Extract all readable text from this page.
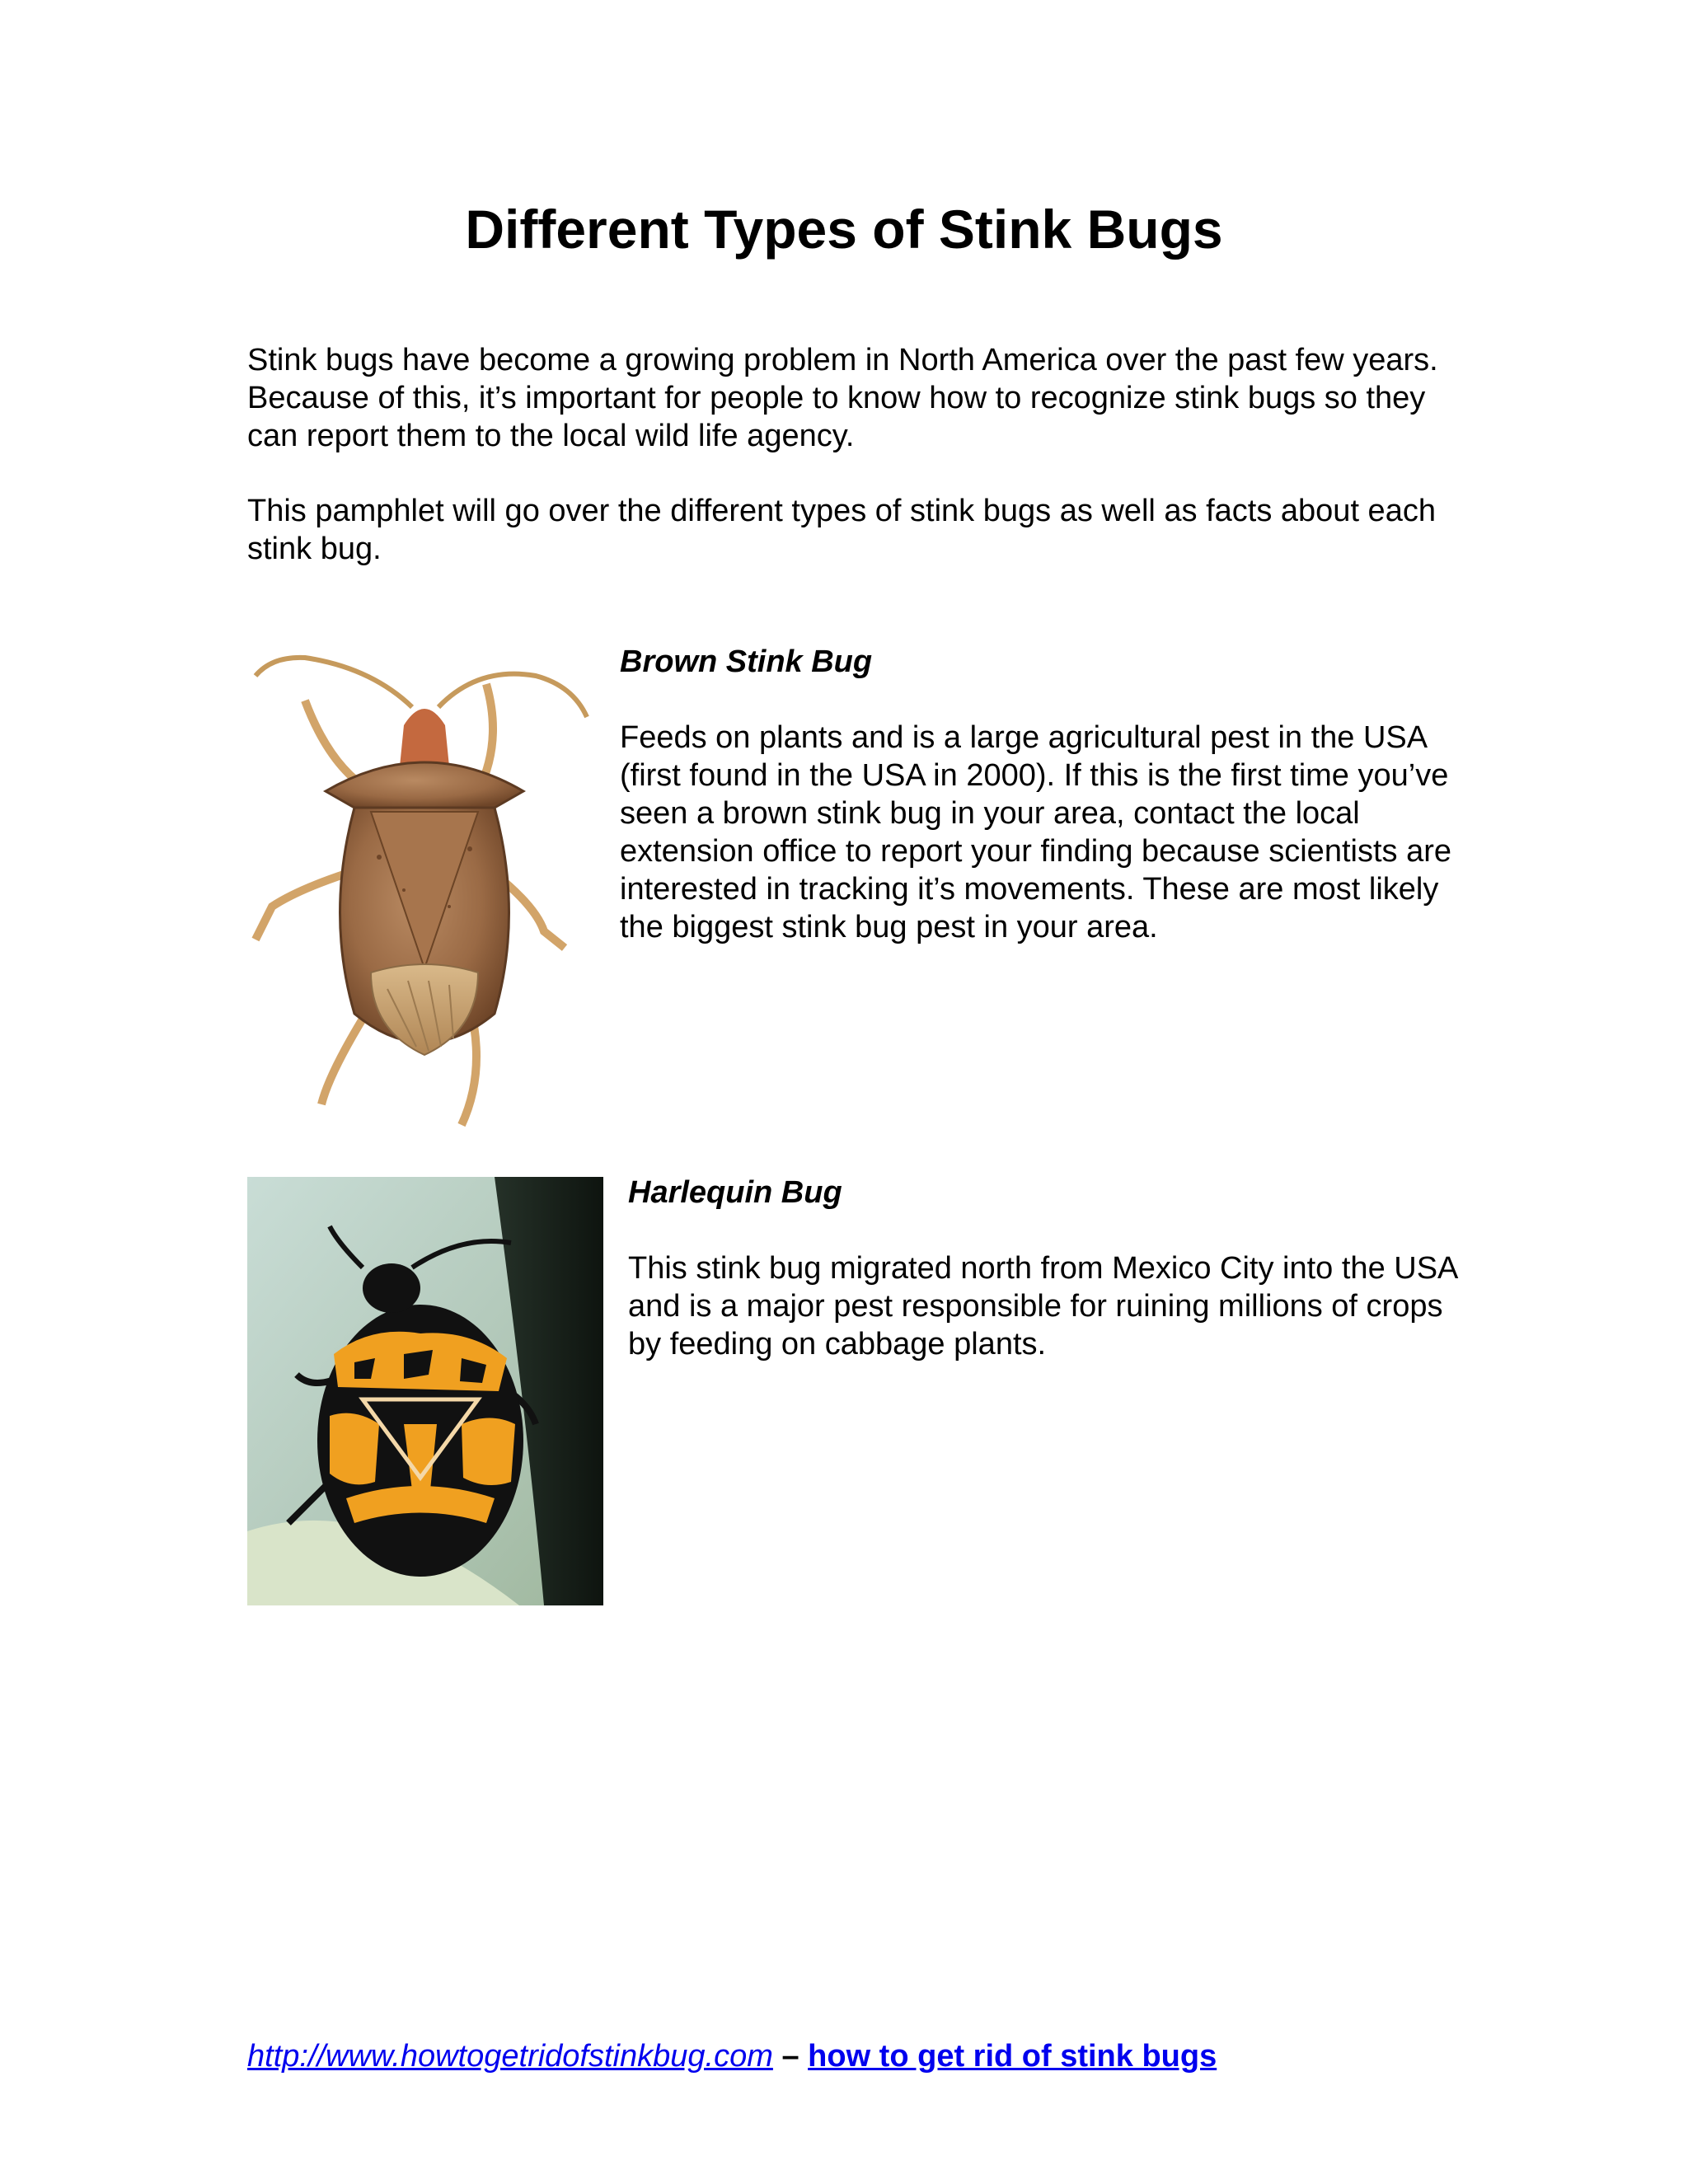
Different Types of Stink Bugs

Stink bugs have become a growing problem in North America over the past few years. Because of this, it’s important for people to know how to recognize stink bugs so they can report them to the local wild life agency.

This pamphlet will go over the different types of stink bugs as well as facts about each stink bug.

Brown Stink Bug

Feeds on plants and is a large agricultural pest in the USA (first found in the USA in 2000). If this is the first time you’ve seen a brown stink bug in your area, contact the local extension office to report your finding because scientists are interested in tracking it’s movements. These are most likely the biggest stink bug pest in your area.

Harlequin Bug

This stink bug migrated north from Mexico City into the USA and is a major pest responsible for ruining millions of crops by feeding on cabbage plants.

http://www.howtogetridofstinkbug.com – how to get rid of stink bugs
